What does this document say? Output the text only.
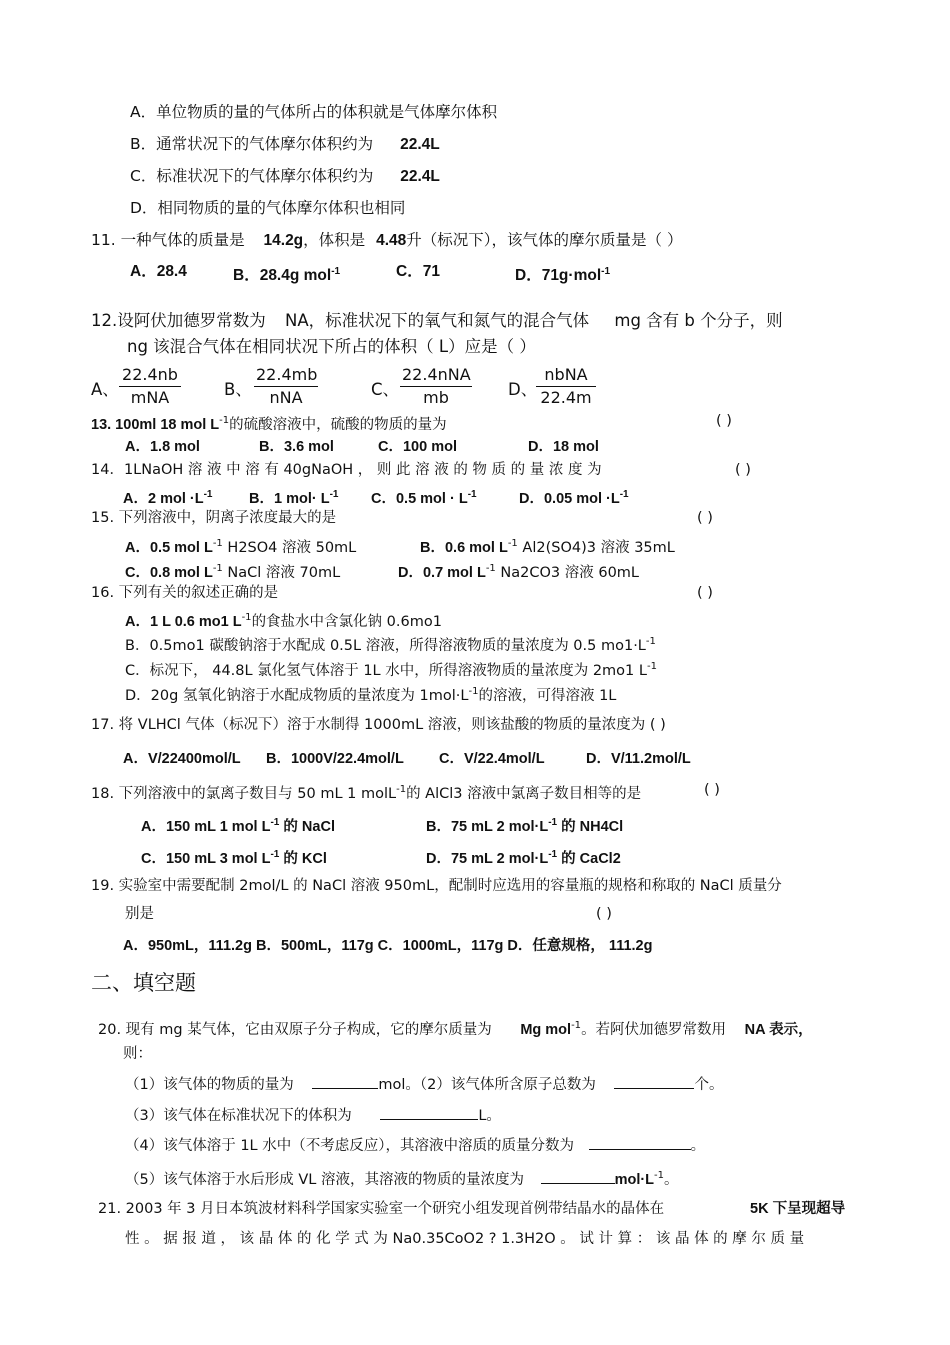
A．单位物质的量的气体所占的体积就是气体摩尔体积
B．通常状况下的气体摩尔体积约为 22.4L
C．标准状况下的气体摩尔体积约为 22.4L
D．相同物质的量的气体摩尔体积也相同
11. 一种气体的质量是 14.2g，体积是 4.48升（标况下），该气体的摩尔质量是（ ）
A．28.4	B．28.4g mol$^{-1}$	C．71	D．71g·mol$^{-1}$
12.设阿伏加德罗常数为 NA，标准状况下的氧气和氮气的混合气体 mg 含有 b 个分子，则
ng 该混合气体在相同状况下所占的体积（ L）应是（ ）
A、
22.4nb
mNA	B、
22.4mb
nNA	C、
22.4nNA
mb	D、
nbNA
22.4m
13. 100ml 18 mol $L^{-1}$的硫酸溶液中，硫酸的物质的量为	( )
A．1.8 mol	B．3.6 mol	C．100 mol	D．18 mol
14．1LNaOH 溶 液 中 溶 有 40gNaOH ， 则 此 溶 液 的 物 质 的 量 浓 度 为	( )
A．2 mol $\cdot L^{-1}$	B．1 $mol\cdot L^{-1}$ C．0.5 mol · $L^{-1}$	D．0.05 mol $\cdot L^{-1}$
15. 下列溶液中，阴离子浓度最大的是	( )
A．0.5 mol $L^{-1}$ H2SO4 溶液 50mL	B．0.6 mol $L^{-1}$ Al2(SO4)3 溶液 35mL
C．0.8 mol $L^{-1}$ NaCl 溶液 70mL	D．0.7 mol $L^{-1}$ Na2CO3 溶液 60mL
16. 下列有关的叙述正确的是	( )
A．1 L 0.6 mo1 $L^{-1}$的食盐水中含氯化钠 0.6mo1
B．0.5mo1 碳酸钠溶于水配成 0.5L 溶液，所得溶液物质的量浓度为 0.5 $mo1\cdot L^{-1}$
C．标况下， 44.8L 氯化氢气体溶于 1L 水中，所得溶液物质的量浓度为 2mo1 $L^{-1}$
D．20g 氢氧化钠溶于水配成物质的量浓度为 $1mol\cdot L^{-1}$的溶液，可得溶液 1L
17. 将 VLHCl 气体（标况下）溶于水制得 1000mL 溶液，则该盐酸的物质的量浓度为 ( )
A．V/22400mol/L B．1000V/22.4mol/L C．V/22.4mol/L	D．V/11.2mol/L
18. 下列溶液中的氯离子数目与 50 mL 1 molL$^{-1}$的 AlCl3 溶液中氯离子数目相等的是	( )
A．150 mL 1 mol $L^{-1}$ 的 NaCl	B．75 mL 2 $mol\cdot L^{-1}$ 的 NH4Cl
C．150 mL 3 mol $L^{-1}$ 的 KCl	D．75 mL 2 $mol\cdot L^{-1}$ 的 CaCl2
19. 实验室中需要配制 2mol/L 的 NaCl 溶液 950mL，配制时应选用的容量瓶的规格和称取的 NaCl 质量分
别是	( )
A．950mL，111.2g B．500mL，117g C．1000mL，117g D．任意规格， 111.2g
二、填空题
20. 现有 mg 某气体，它由双原子分子构成，它的摩尔质量为 Mg mol$^{-1}$。若阿伏加德罗常数用 NA 表示，
则：
（1）该气体的物质的量为	mol。（2）该气体所含原子总数为	个。
（3）该气体在标准状况下的体积为	L。
（4）该气体溶于 1L 水中（不考虑反应），其溶液中溶质的质量分数为	。
（5）该气体溶于水后形成 VL 溶液，其溶液的物质的量浓度为	$mol\cdot L^{-1}$。
21. 2003 年 3 月日本筑波材料科学国家实验室一个研究小组发现首例带结晶水的晶体在	5K 下呈现超导
性 。 据 报 道 ， 该 晶 体 的 化 学 式 为 Na0.35CoO2 ? 1.3H2O 。 试 计 算 ： 该 晶 体 的 摩 尔 质 量
